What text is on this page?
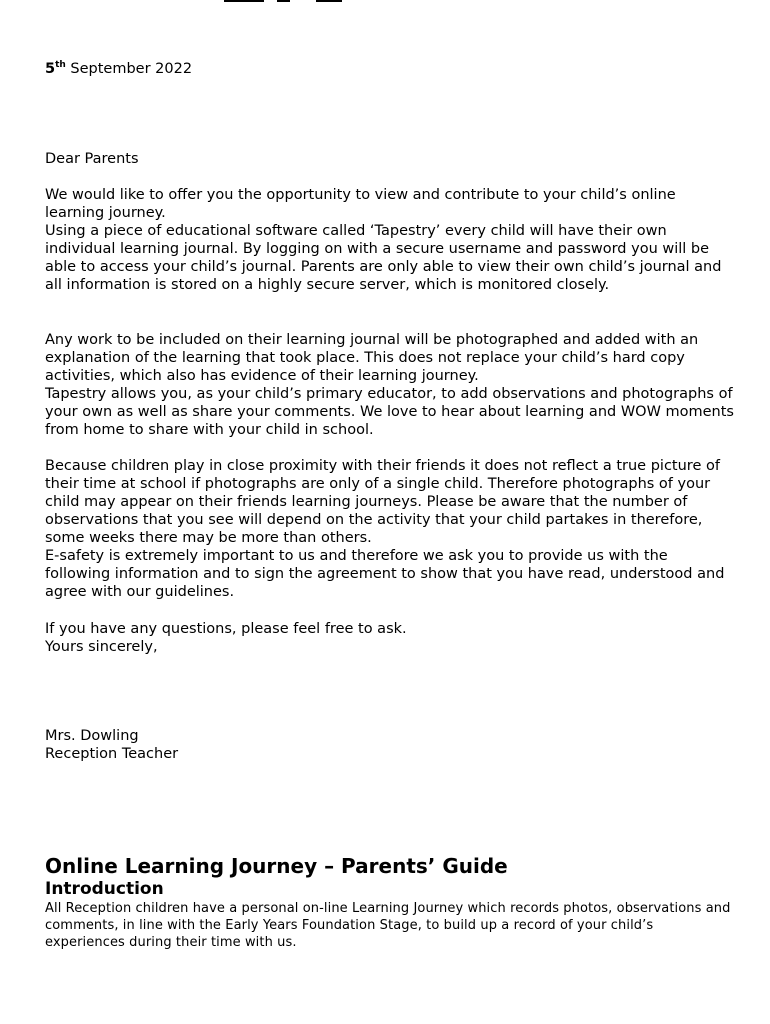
5th September 2022
Dear Parents
We would like to offer you the opportunity to view and contribute to your child’s online learning journey.
Using a piece of educational software called ‘Tapestry’ every child will have their own individual learning journal. By logging on with a secure username and password you will be able to access your child’s journal. Parents are only able to view their own child’s journal and all information is stored on a highly secure server, which is monitored closely.
Any work to be included on their learning journal will be photographed and added with an explanation of the learning that took place. This does not replace your child’s hard copy activities, which also has evidence of their learning journey.
Tapestry allows you, as your child’s primary educator, to add observations and photographs of your own as well as share your comments. We love to hear about learning and WOW moments from home to share with your child in school.
Because children play in close proximity with their friends it does not reflect a true picture of their time at school if photographs are only of a single child. Therefore photographs of your child may appear on their friends learning journeys. Please be aware that the number of observations that you see will depend on the activity that your child partakes in therefore, some weeks there may be more than others.
E-safety is extremely important to us and therefore we ask you to provide us with the following information and to sign the agreement to show that you have read, understood and agree with our guidelines.
If you have any questions, please feel free to ask.
Yours sincerely,
Mrs. Dowling
Reception Teacher
Online Learning Journey – Parents’ Guide
Introduction
All Reception children have a personal on-line Learning Journey which records photos, observations and comments, in line with the Early Years Foundation Stage, to build up a record of your child’s experiences during their time with us.
